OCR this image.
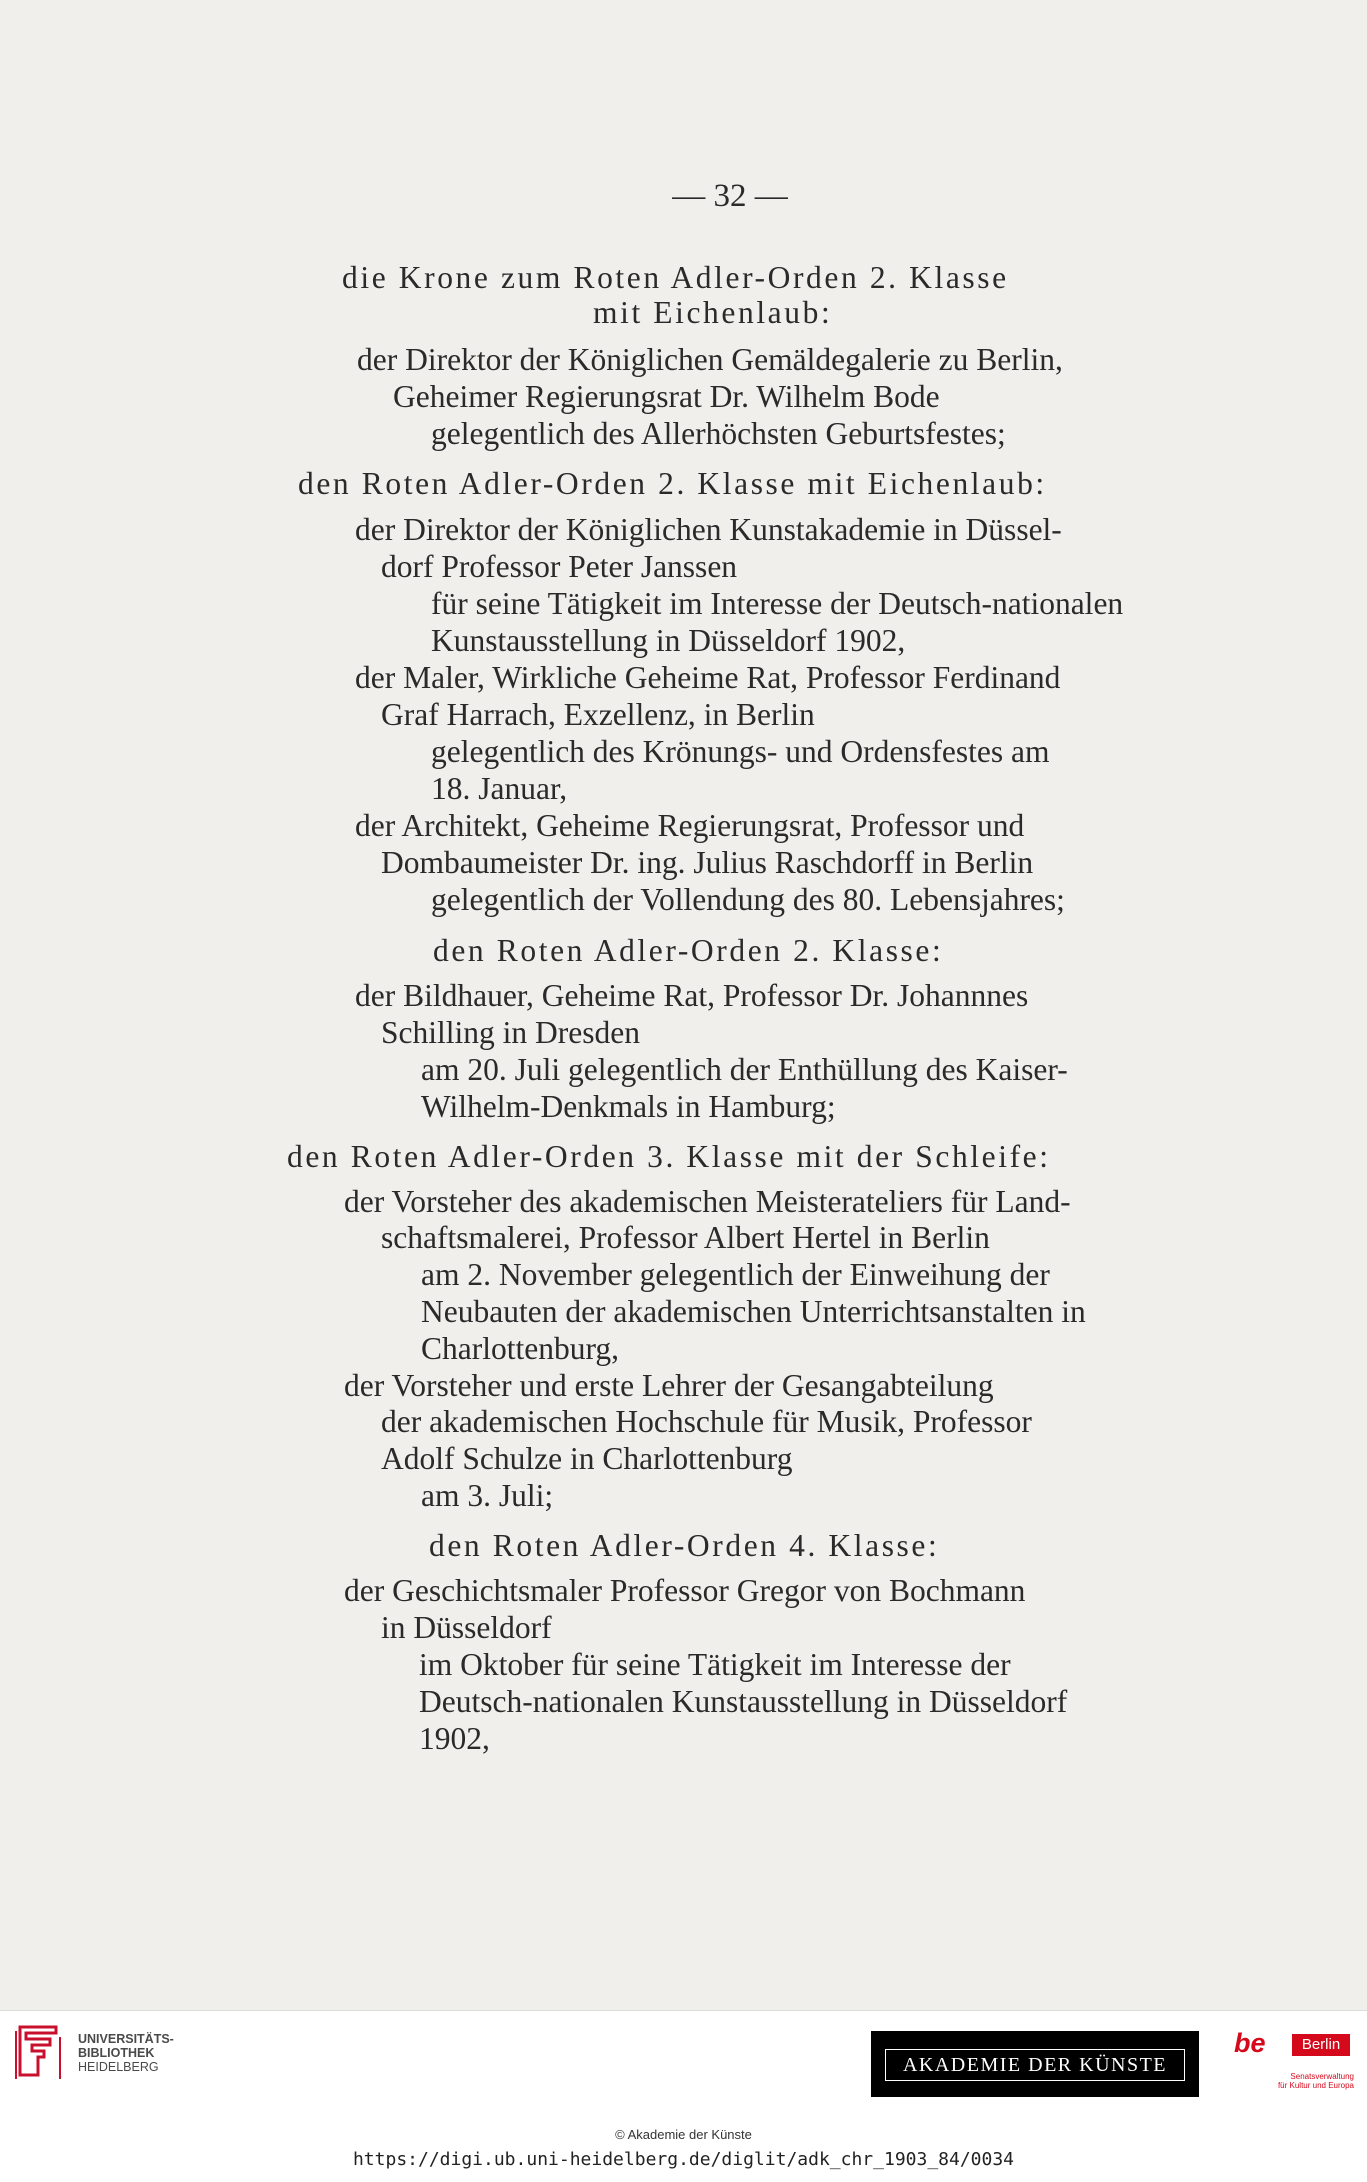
— 32 —
die Krone zum Roten Adler-Orden 2. Klasse
mit Eichenlaub:
der Direktor der Königlichen Gemäldegalerie zu Berlin,
Geheimer Regierungsrat Dr. Wilhelm Bode
gelegentlich des Allerhöchsten Geburtsfestes;
den Roten Adler-Orden 2. Klasse mit Eichenlaub:
der Direktor der Königlichen Kunstakademie in Düssel-
dorf Professor Peter Janssen
für seine Tätigkeit im Interesse der Deutsch-nationalen
Kunstausstellung in Düsseldorf 1902,
der Maler, Wirkliche Geheime Rat, Professor Ferdinand
Graf Harrach, Exzellenz, in Berlin
gelegentlich des Krönungs- und Ordensfestes am
18. Januar,
der Architekt, Geheime Regierungsrat, Professor und
Dombaumeister Dr. ing. Julius Raschdorff in Berlin
gelegentlich der Vollendung des 80. Lebensjahres;
den Roten Adler-Orden 2. Klasse:
der Bildhauer, Geheime Rat, Professor Dr. Johannnes
Schilling in Dresden
am 20. Juli gelegentlich der Enthüllung des Kaiser-
Wilhelm-Denkmals in Hamburg;
den Roten Adler-Orden 3. Klasse mit der Schleife:
der Vorsteher des akademischen Meisterateliers für Land-
schaftsmalerei, Professor Albert Hertel in Berlin
am 2. November gelegentlich der Einweihung der
Neubauten der akademischen Unterrichtsanstalten in
Charlottenburg,
der Vorsteher und erste Lehrer der Gesangabteilung
der akademischen Hochschule für Musik, Professor
Adolf Schulze in Charlottenburg
am 3. Juli;
den Roten Adler-Orden 4. Klasse:
der Geschichtsmaler Professor Gregor von Bochmann
in Düsseldorf
im Oktober für seine Tätigkeit im Interesse der
Deutsch-nationalen Kunstausstellung in Düsseldorf
1902,
UNIVERSITÄTS-
BIBLIOTHEK
HEIDELBERG	AKADEMIE DER KÜNSTE
be	Berlin
Senatsverwaltung
für Kultur und Europa
© Akademie der Künste
https://digi.ub.uni-heidelberg.de/diglit/adk_chr_1903_84/0034
